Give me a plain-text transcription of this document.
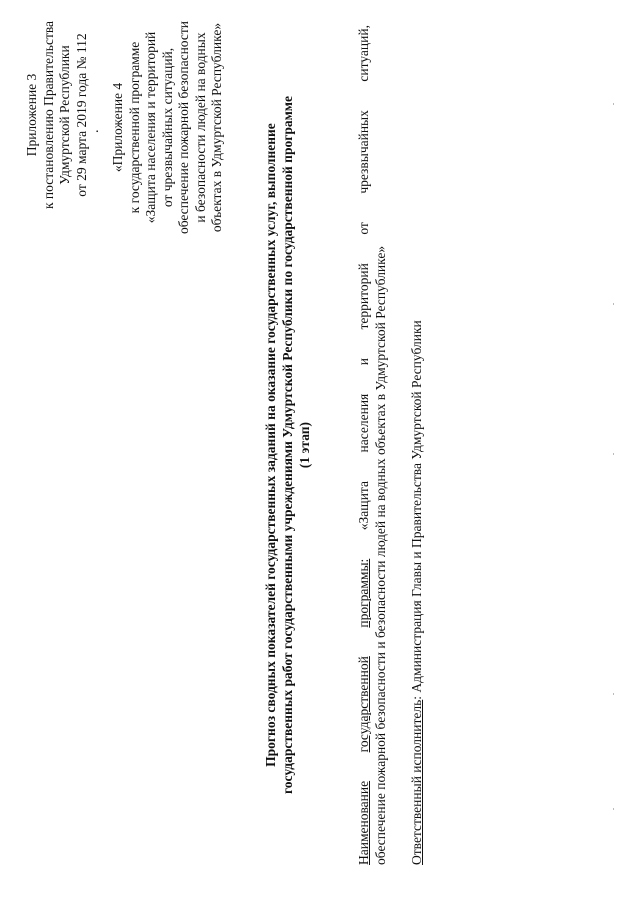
Приложение 3 к постановлению Правительства Удмуртской Республики от 29 марта 2019 года № 112
. «Приложение 4 к государственной программе «Защита населения и территорий от чрезвычайных ситуаций, обеспечение пожарной безопасности и безопасности людей на водных объектах в Удмуртской Республике»	Прогноз сводных показателей государственных заданий на оказание государственных услуг, выполнение государственных работ государственными учреждениями Удмуртской Республики по государственной программе (1 этап)
Наименование
государственной
программы:
«Защита
населения
и
территорий
от
чрезвычайных
ситуаций,
обеспечение пожарной безопасности и безопасности людей на водных объектах в Удмуртской Республике» Ответственный исполнитель: Администрация Главы и Правительства Удмуртской Республики
